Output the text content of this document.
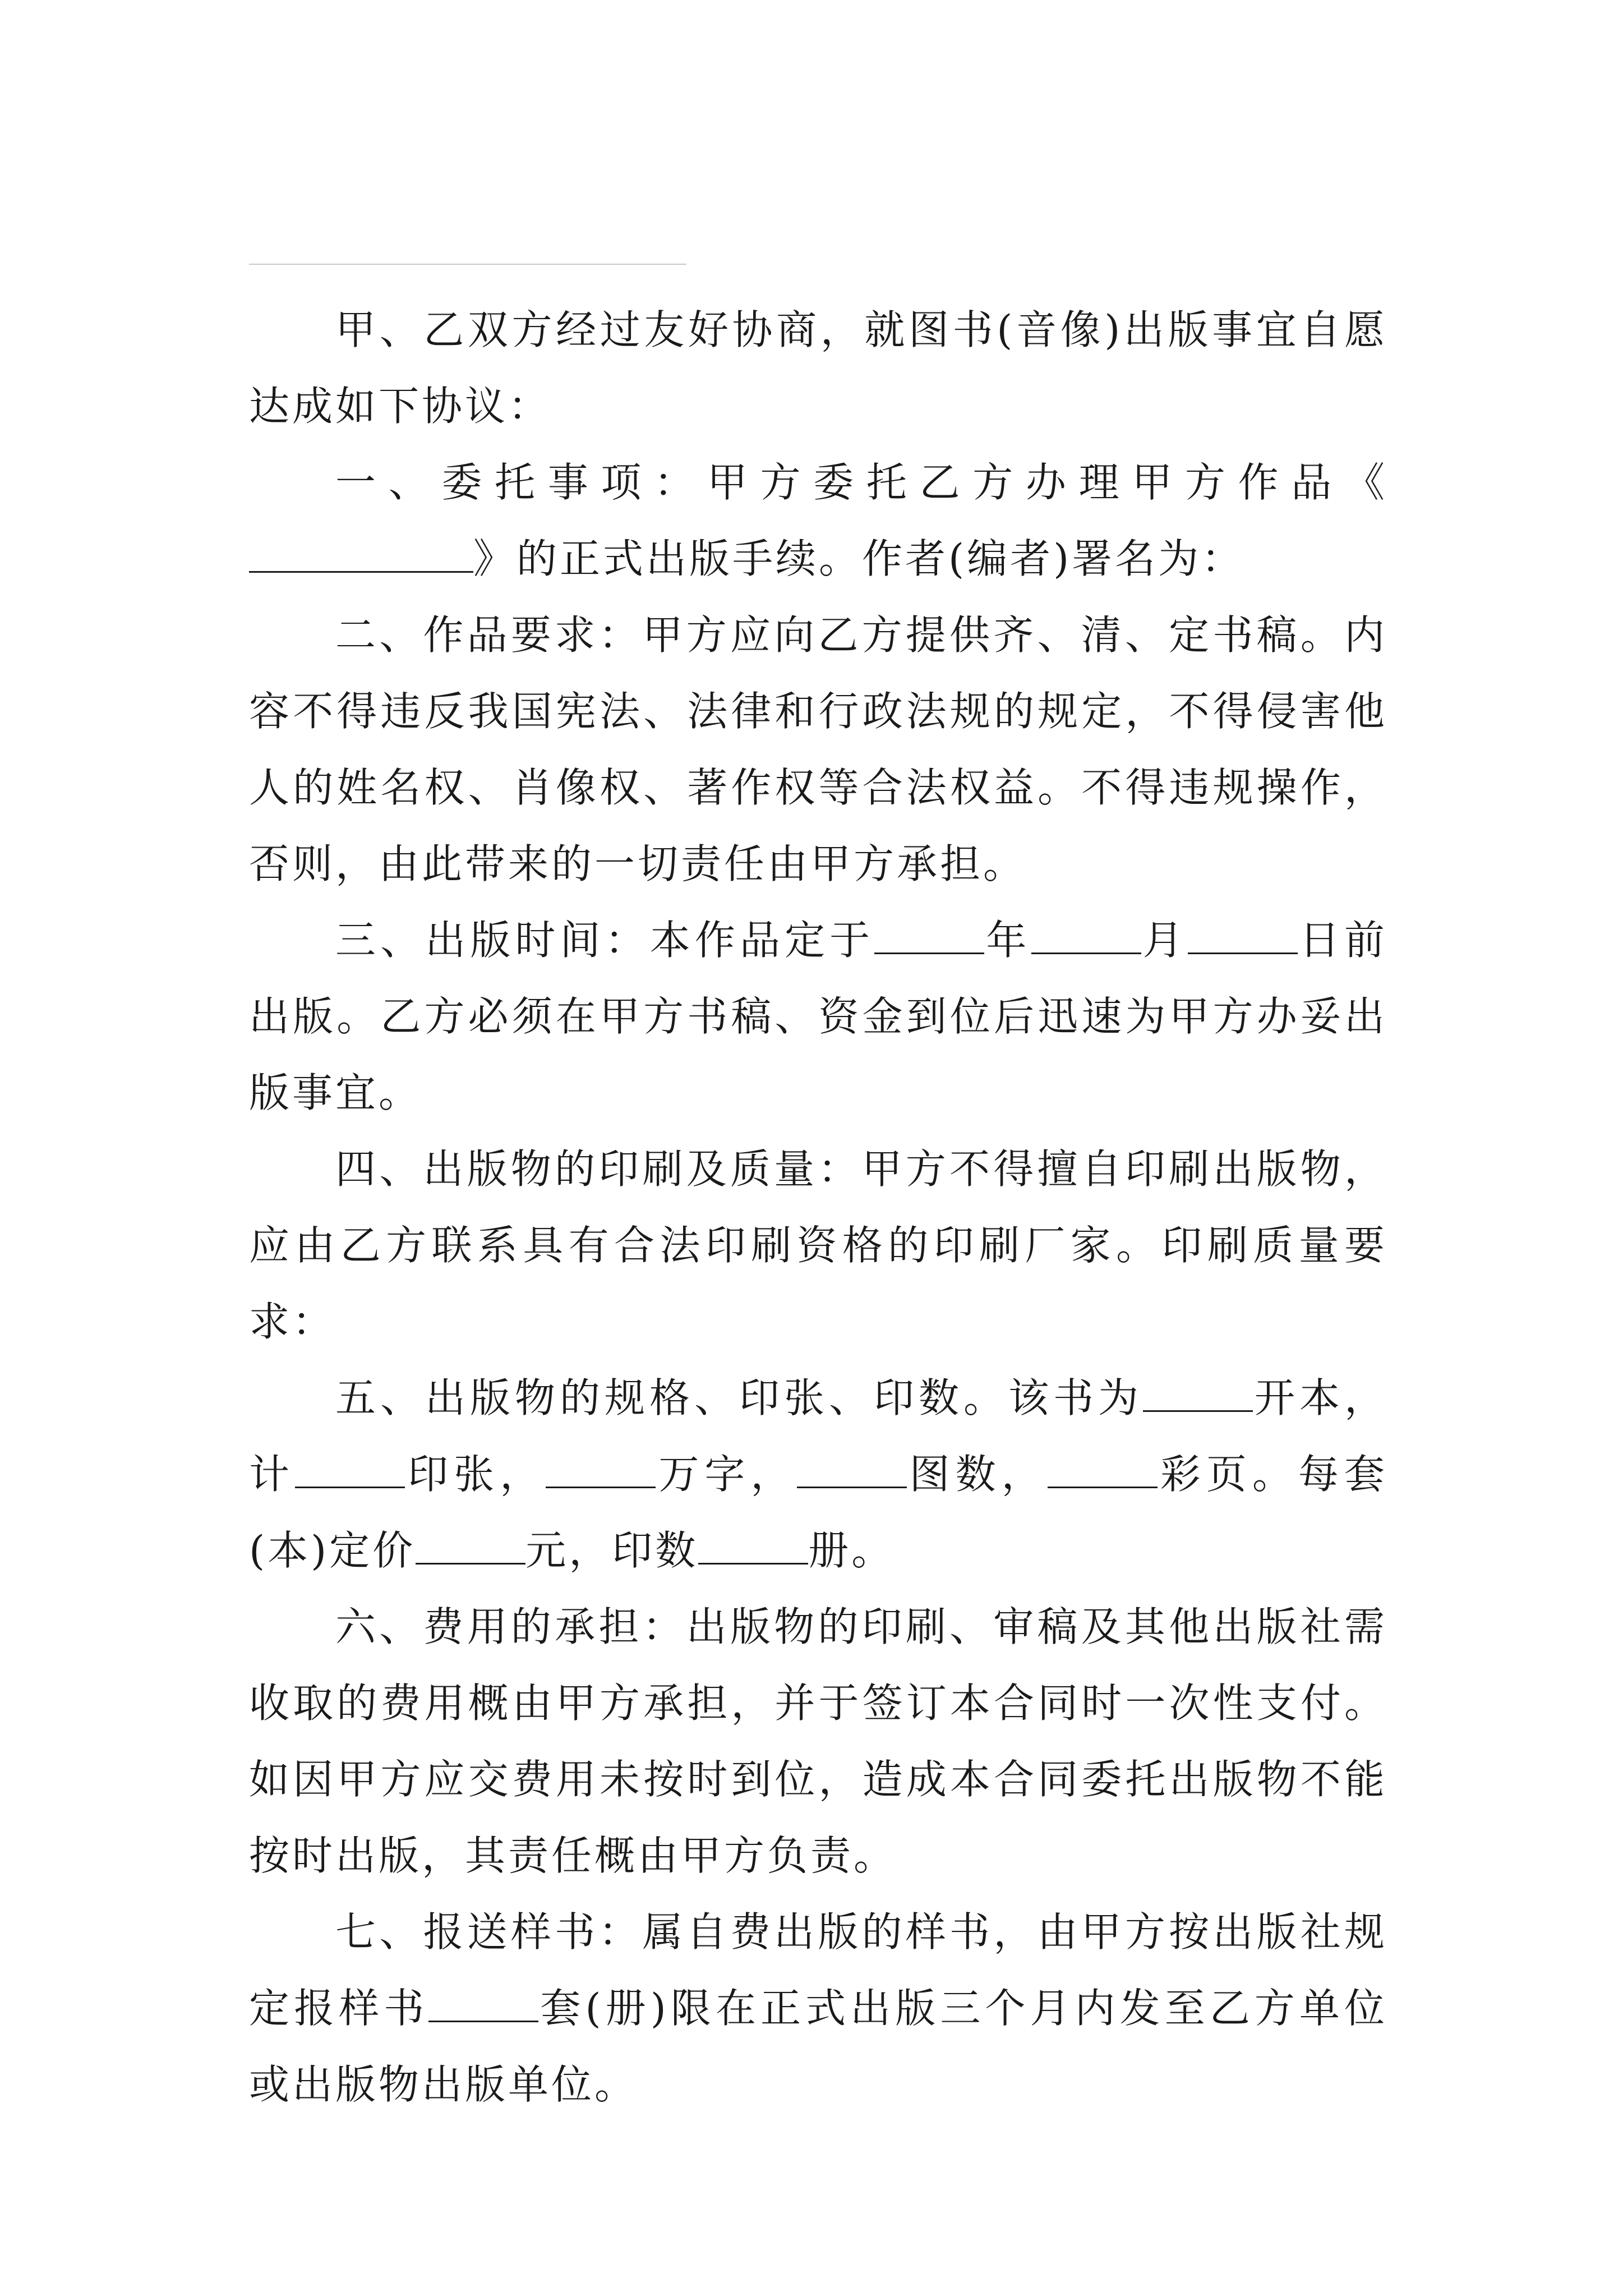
甲、乙双方经过友好协商，就图书(音像)出版事宜自愿达成如下协议：

一、委托事项：甲方委托乙方办理甲方作品《》的正式出版手续。作者(编者)署名为：

二、作品要求：甲方应向乙方提供齐、清、定书稿。内容不得违反我国宪法、法律和行政法规的规定，不得侵害他人的姓名权、肖像权、著作权等合法权益。不得违规操作，否则，由此带来的一切责任由甲方承担。

三、出版时间：本作品定于	年	月	日前出版。乙方必须在甲方书稿、资金到位后迅速为甲方办妥出版事宜。

四、出版物的印刷及质量：甲方不得擅自印刷出版物，应由乙方联系具有合法印刷资格的印刷厂家。印刷质量要求：

五、出版物的规格、印张、印数。该书为	开本，计	印张，	万字，	图数，	彩页。每套(本)定价	元，印数	册。

六、费用的承担：出版物的印刷、审稿及其他出版社需收取的费用概由甲方承担，并于签订本合同时一次性支付。如因甲方应交费用未按时到位，造成本合同委托出版物不能按时出版，其责任概由甲方负责。

七、报送样书：属自费出版的样书，由甲方按出版社规定报样书	套(册)限在正式出版三个月内发至乙方单位或出版物出版单位。
